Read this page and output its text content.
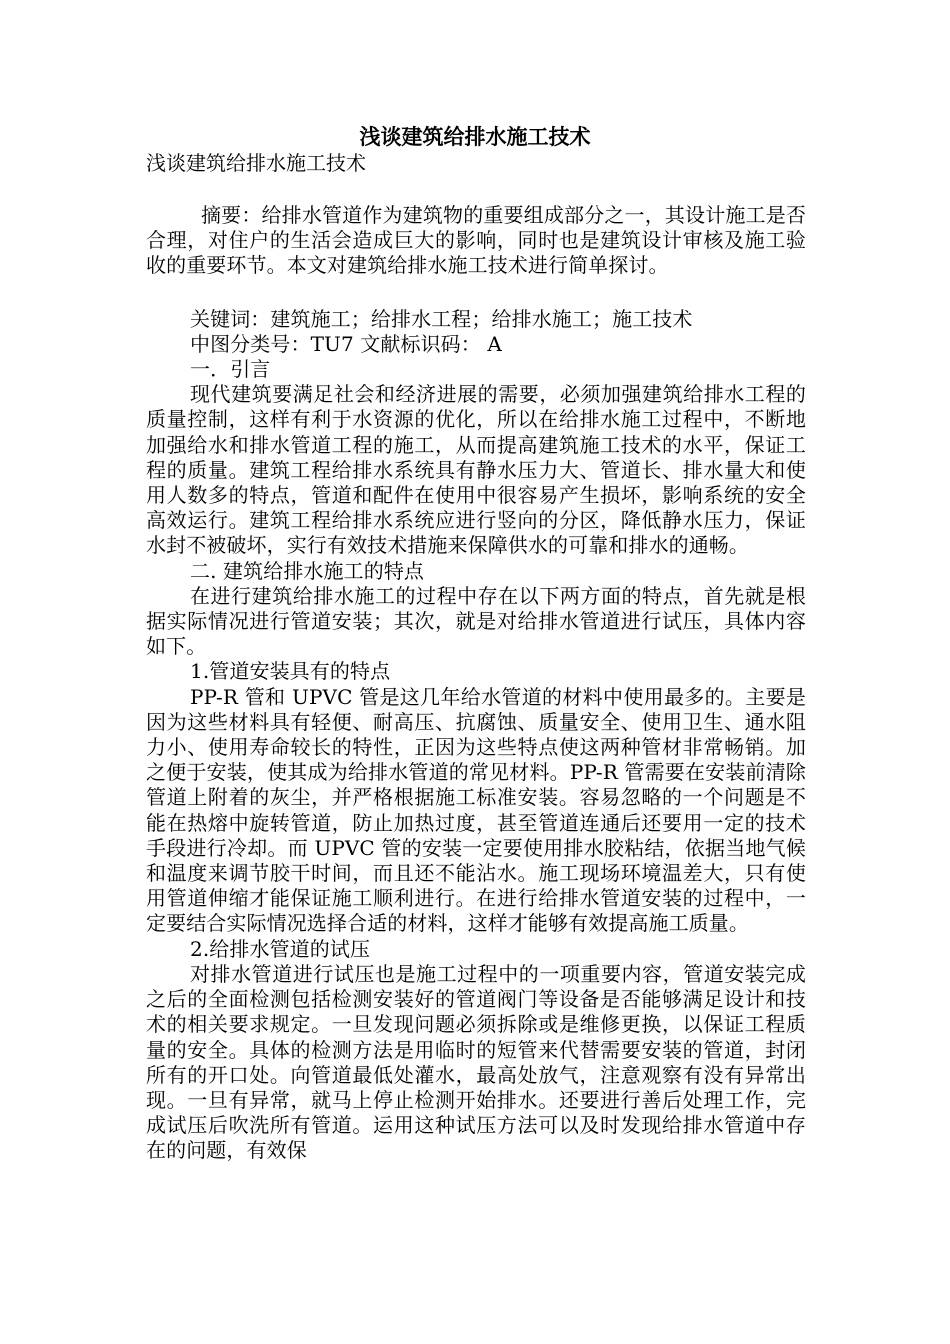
浅谈建筑给排水施工技术

浅谈建筑给排水施工技术

摘要：给排水管道作为建筑物的重要组成部分之一，其设计施工是否合理，对住户的生活会造成巨大的影响，同时也是建筑设计审核及施工验收的重要环节。本文对建筑给排水施工技术进行简单探讨。

关键词：建筑施工；给排水工程；给排水施工；施工技术

中图分类号：TU7 文献标识码： A

一．引言

现代建筑要满足社会和经济进展的需要，必须加强建筑给排水工程的质量控制，这样有利于水资源的优化，所以在给排水施工过程中，不断地加强给水和排水管道工程的施工，从而提高建筑施工技术的水平，保证工程的质量。建筑工程给排水系统具有静水压力大、管道长、排水量大和使用人数多的特点，管道和配件在使用中很容易产生损坏，影响系统的安全高效运行。建筑工程给排水系统应进行竖向的分区，降低静水压力，保证水封不被破坏，实行有效技术措施来保障供水的可靠和排水的通畅。

二. 建筑给排水施工的特点

在进行建筑给排水施工的过程中存在以下两方面的特点，首先就是根据实际情况进行管道安装；其次，就是对给排水管道进行试压，具体内容如下。

1.管道安装具有的特点

PP-R 管和 UPVC 管是这几年给水管道的材料中使用最多的。主要是因为这些材料具有轻便、耐高压、抗腐蚀、质量安全、使用卫生、通水阻力小、使用寿命较长的特性，正因为这些特点使这两种管材非常畅销。加之便于安装，使其成为给排水管道的常见材料。PP-R 管需要在安装前清除管道上附着的灰尘，并严格根据施工标准安装。容易忽略的一个问题是不能在热熔中旋转管道，防止加热过度，甚至管道连通后还要用一定的技术手段进行冷却。而 UPVC 管的安装一定要使用排水胶粘结，依据当地气候和温度来调节胶干时间，而且还不能沾水。施工现场环境温差大，只有使用管道伸缩才能保证施工顺利进行。在进行给排水管道安装的过程中，一定要结合实际情况选择合适的材料，这样才能够有效提高施工质量。

2.给排水管道的试压

对排水管道进行试压也是施工过程中的一项重要内容，管道安装完成之后的全面检测包括检测安装好的管道阀门等设备是否能够满足设计和技术的相关要求规定。一旦发现问题必须拆除或是维修更换，以保证工程质量的安全。具体的检测方法是用临时的短管来代替需要安装的管道，封闭所有的开口处。向管道最低处灌水，最高处放气，注意观察有没有异常出现。一旦有异常，就马上停止检测开始排水。还要进行善后处理工作，完成试压后吹洗所有管道。运用这种试压方法可以及时发现给排水管道中存在的问题，有效保
